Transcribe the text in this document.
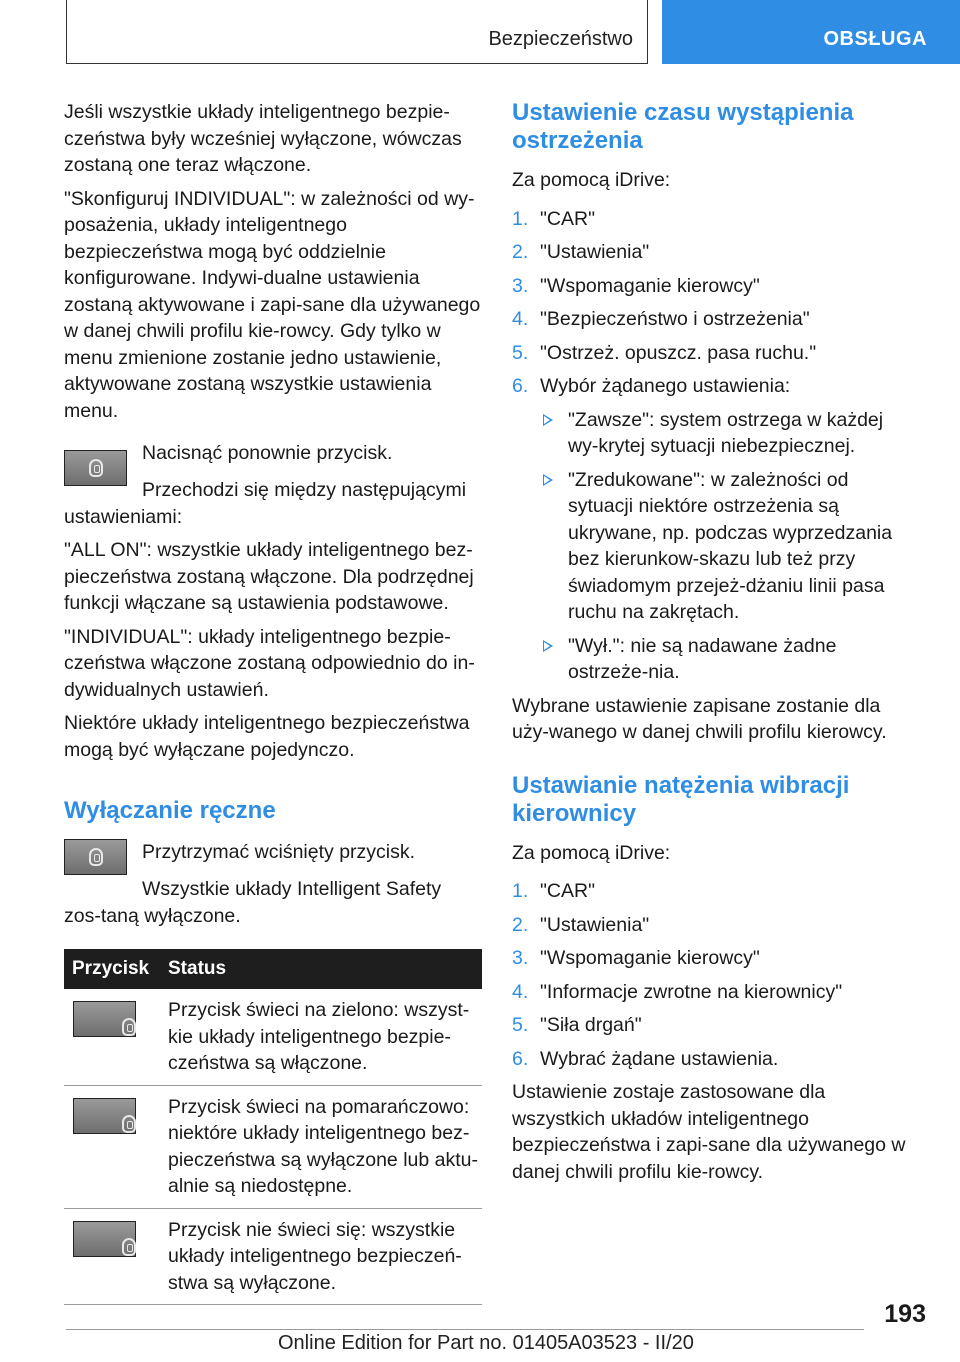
Bezpieczeństwo	OBSŁUGA

Jeśli wszystkie układy inteligentnego bezpie-czeństwa były wcześniej wyłączone, wówczas zostaną one teraz włączone.

"Skonfiguruj INDIVIDUAL": w zależności od wy-posażenia, układy inteligentnego bezpieczeństwa mogą być oddzielnie konfigurowane. Indywi-dualne ustawienia zostaną aktywowane i zapi-sane dla używanego w danej chwili profilu kie-rowcy. Gdy tylko w menu zmienione zostanie jedno ustawienie, aktywowane zostaną wszystkie ustawienia menu.

Nacisnąć ponownie przycisk.

Przechodzi się między następującymi ustawieniami:

"ALL ON": wszystkie układy inteligentnego bez-pieczeństwa zostaną włączone. Dla podrzędnej funkcji włączane są ustawienia podstawowe.

"INDIVIDUAL": układy inteligentnego bezpie-czeństwa włączone zostaną odpowiednio do in-dywidualnych ustawień.

Niektóre układy inteligentnego bezpieczeństwa mogą być wyłączane pojedynczo.

Wyłączanie ręczne

Przytrzymać wciśnięty przycisk.

Wszystkie układy Intelligent Safety zos-taną wyłączone.

Przycisk	Status

	Przycisk świeci na zielono: wszyst-kie układy inteligentnego bezpie-czeństwa są włączone.

	Przycisk świeci na pomarańczowo: niektóre układy inteligentnego bez-pieczeństwa są wyłączone lub aktu-alnie są niedostępne.

	Przycisk nie świeci się: wszystkie układy inteligentnego bezpieczeń-stwa są wyłączone.
Ustawienie czasu wystąpienia ostrzeżenia

Za pomocą iDrive:

1. "CAR"
2. "Ustawienia"
3. "Wspomaganie kierowcy"
4. "Bezpieczeństwo i ostrzeżenia"
5. "Ostrzeż. opuszcz. pasa ruchu."
6. Wybór żądanego ustawienia:
"Zawsze": system ostrzega w każdej wy-krytej sytuacji niebezpiecznej.
"Zredukowane": w zależności od sytuacji niektóre ostrzeżenia są ukrywane, np. podczas wyprzedzania bez kierunkow-skazu lub też przy świadomym przejeż-dżaniu linii pasa ruchu na zakrętach.
"Wył.": nie są nadawane żadne ostrzeże-nia.

Wybrane ustawienie zapisane zostanie dla uży-wanego w danej chwili profilu kierowcy.

Ustawianie natężenia wibracji kierownicy

Za pomocą iDrive:

1. "CAR"
2. "Ustawienia"
3. "Wspomaganie kierowcy"
4. "Informacje zwrotne na kierownicy"
5. "Siła drgań"
6. Wybrać żądane ustawienia.

Ustawienie zostaje zastosowane dla wszystkich układów inteligentnego bezpieczeństwa i zapi-sane dla używanego w danej chwili profilu kie-rowcy.

193
Online Edition for Part no. 01405A03523 - II/20
